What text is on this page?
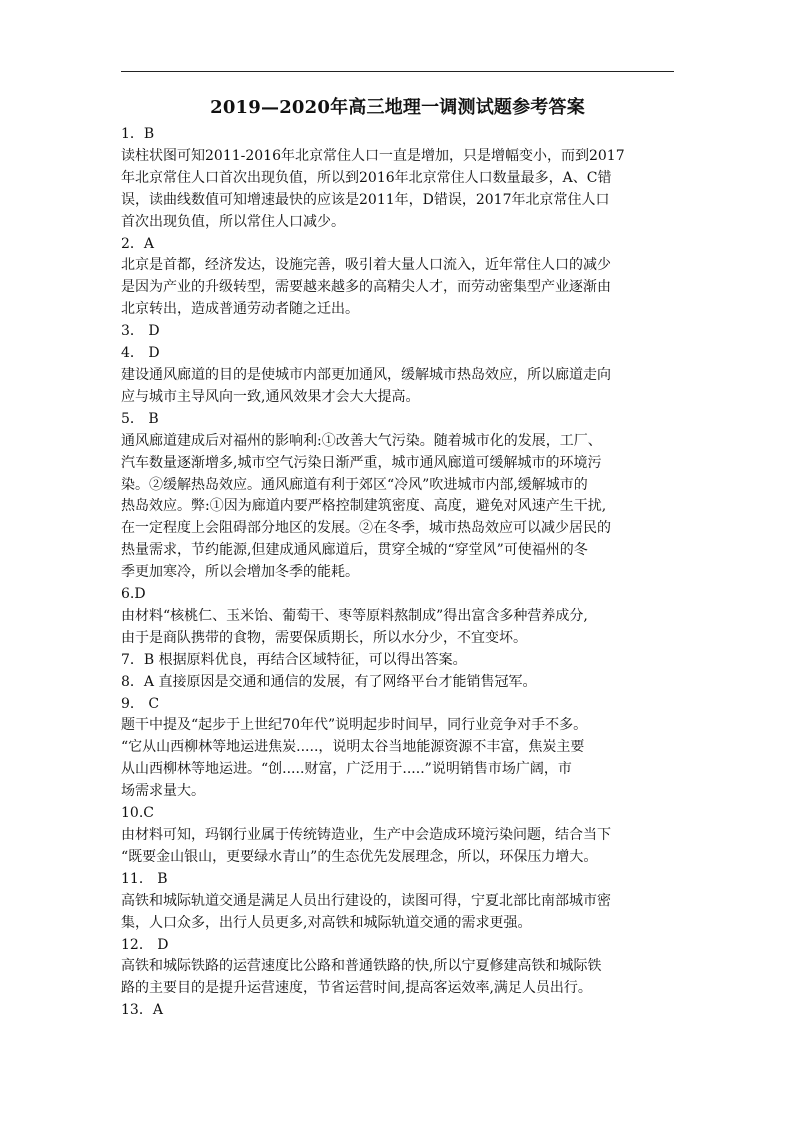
2019—2020年高三地理一调测试题参考答案

1．B

读柱状图可知2011-2016年北京常住人口一直是增加，只是增幅变小，而到2017

年北京常住人口首次出现负值，所以到2016年北京常住人口数量最多，A、C错

误，读曲线数值可知增速最快的应该是2011年，D错误，2017年北京常住人口

首次出现负值，所以常住人口减少。

2．A

北京是首都，经济发达，设施完善，吸引着大量人口流入，近年常住人口的减少

是因为产业的升级转型，需要越来越多的高精尖人才，而劳动密集型产业逐渐由

北京转出，造成普通劳动者随之迁出。

3． D

4． D

建设通风廊道的目的是使城市内部更加通风，缓解城市热岛效应，所以廊道走向

应与城市主导风向一致,通风效果才会大大提高。

5． B

通风廊道建成后对福州的影响利:①改善大气污染。随着城市化的发展，工厂、

汽车数量逐渐增多,城市空气污染日渐严重，城市通风廊道可缓解城市的环境污

染。②缓解热岛效应。通风廊道有利于郊区“冷风”吹进城市内部,缓解城市的

热岛效应。弊:①因为廊道内要严格控制建筑密度、高度，避免对风速产生干扰,

在一定程度上会阻碍部分地区的发展。②在冬季，城市热岛效应可以减少居民的

热量需求，节约能源,但建成通风廊道后，贯穿全城的“穿堂风”可使福州的冬

季更加寒冷，所以会增加冬季的能耗。

6.D

由材料“核桃仁、玉米饴、葡萄干、枣等原料熬制成”得出富含多种营养成分,

由于是商队携带的食物，需要保质期长，所以水分少，不宜变坏。

7．B 根据原料优良，再结合区域特征，可以得出答案。

8．A 直接原因是交通和通信的发展，有了网络平台才能销售冠军。

9． C

题干中提及“起步于上世纪70年代”说明起步时间早，同行业竞争对手不多。

“它从山西柳林等地运进焦炭.....，说明太谷当地能源资源不丰富，焦炭主要

从山西柳林等地运进。“创.....财富，广泛用于.....”说明销售市场广阔，市

场需求量大。

10.C

由材料可知，玛钢行业属于传统铸造业，生产中会造成环境污染问题，结合当下

“既要金山银山，更要绿水青山”的生态优先发展理念，所以，环保压力增大。

11． B

高铁和城际轨道交通是满足人员出行建设的，读图可得，宁夏北部比南部城市密

集，人口众多，出行人员更多,对高铁和城际轨道交通的需求更强。

12． D

高铁和城际铁路的运营速度比公路和普通铁路的快,所以宁夏修建高铁和城际铁

路的主要目的是提升运营速度，节省运营时间,提高客运效率,满足人员出行。

13．A
